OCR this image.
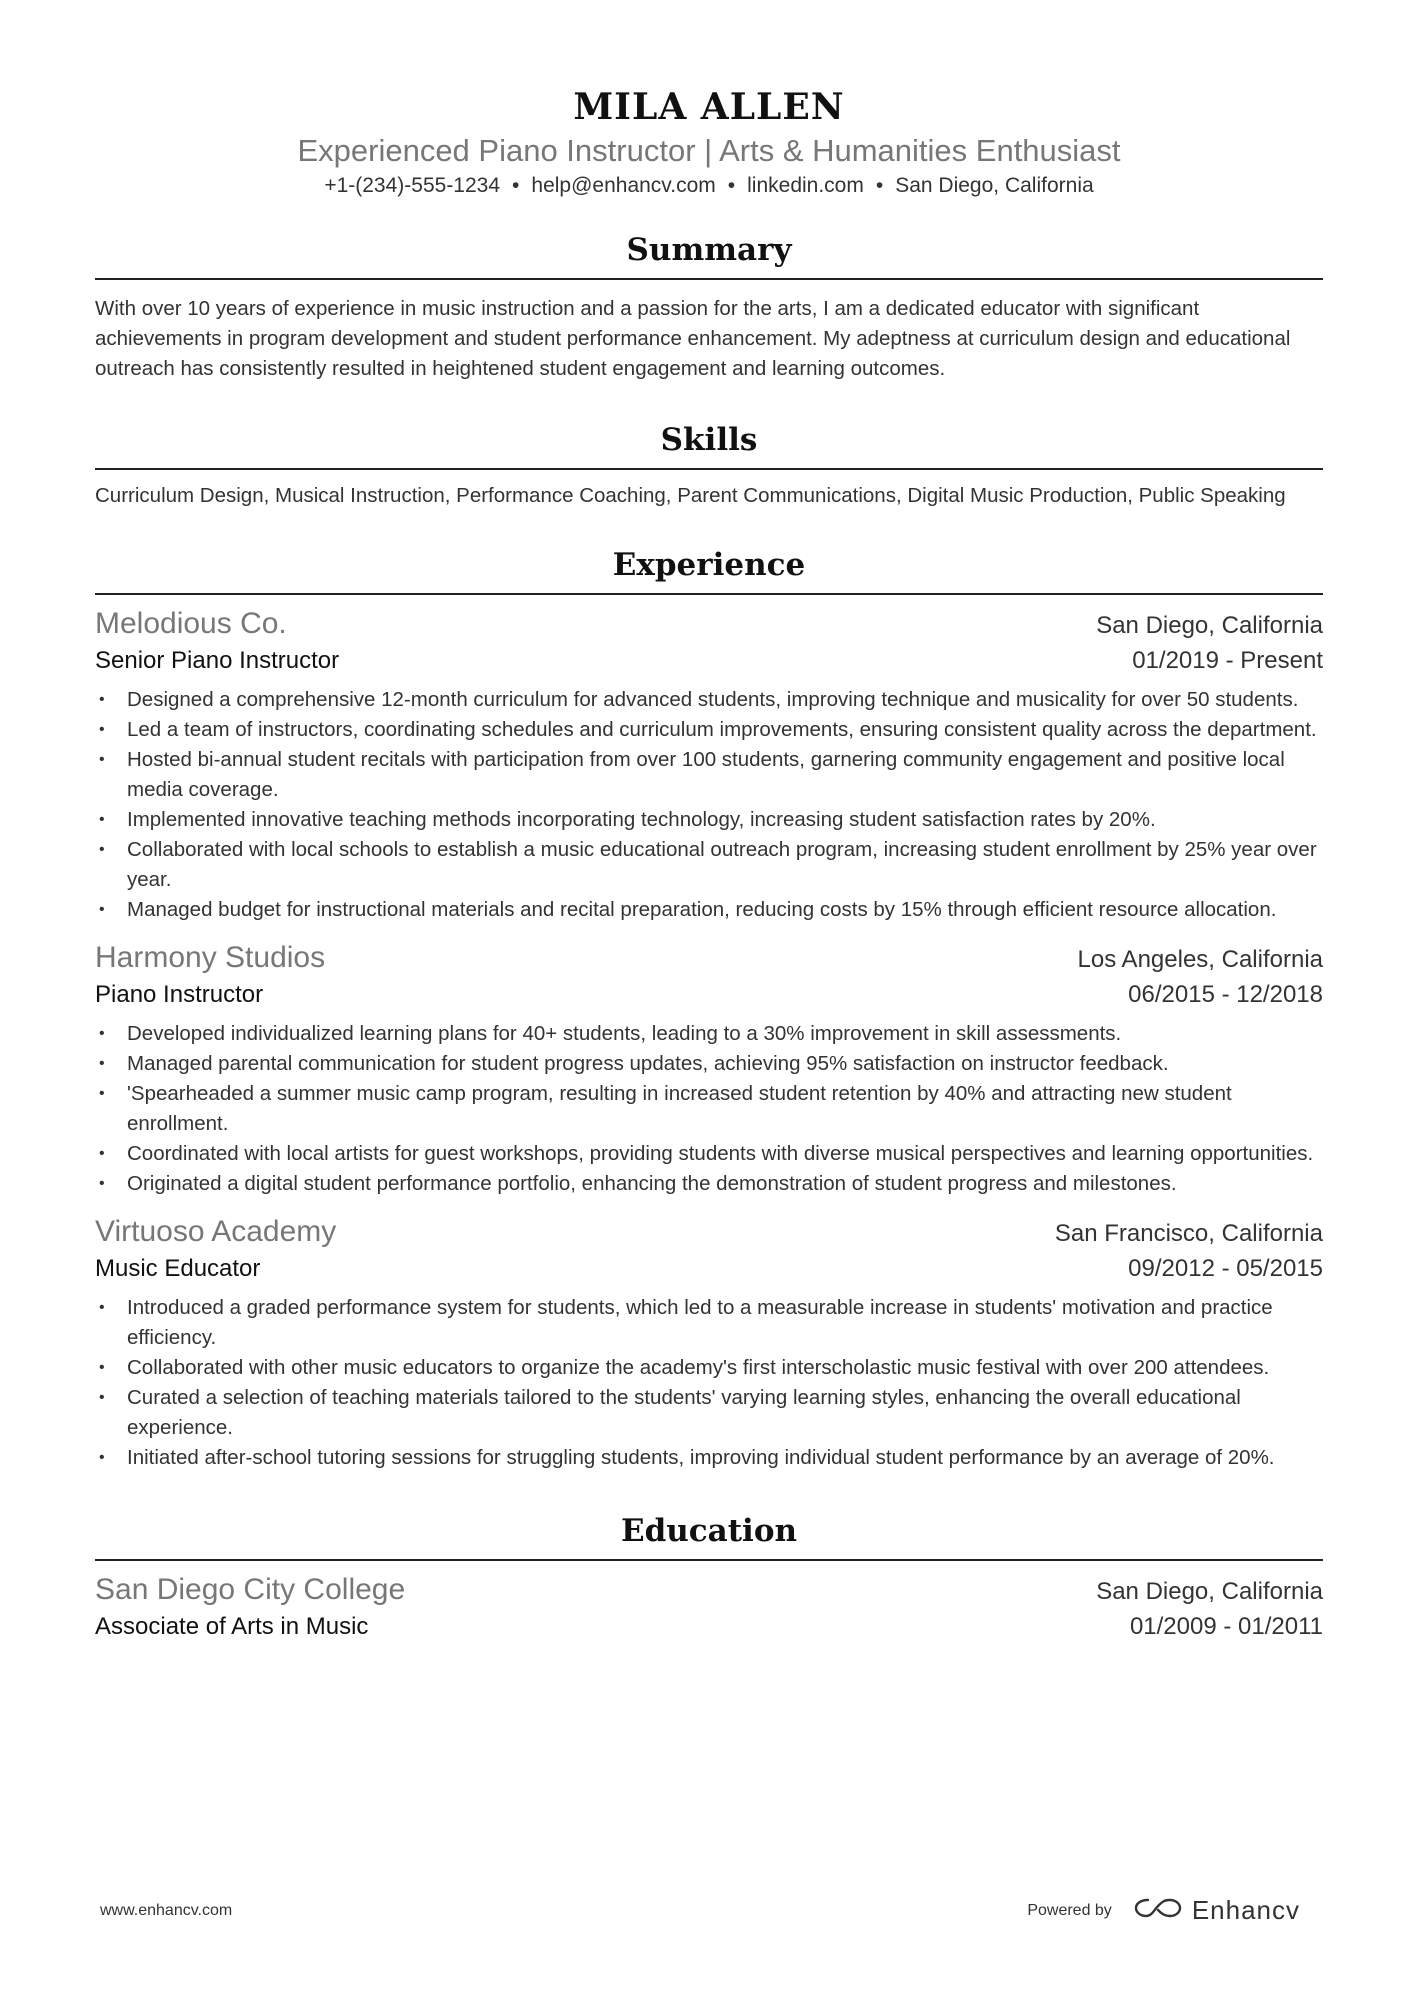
MILA ALLEN
Experienced Piano Instructor | Arts & Humanities Enthusiast
+1-(234)-555-1234 • help@enhancv.com • linkedin.com • San Diego, California
Summary
With over 10 years of experience in music instruction and a passion for the arts, I am a dedicated educator with significant achievements in program development and student performance enhancement. My adeptness at curriculum design and educational outreach has consistently resulted in heightened student engagement and learning outcomes.
Skills
Curriculum Design, Musical Instruction, Performance Coaching, Parent Communications, Digital Music Production, Public Speaking
Experience
Melodious Co.	San Diego, California
Senior Piano Instructor	01/2019 - Present
• Designed a comprehensive 12-month curriculum for advanced students, improving technique and musicality for over 50 students.
• Led a team of instructors, coordinating schedules and curriculum improvements, ensuring consistent quality across the department.
• Hosted bi-annual student recitals with participation from over 100 students, garnering community engagement and positive local media coverage.
• Implemented innovative teaching methods incorporating technology, increasing student satisfaction rates by 20%.
• Collaborated with local schools to establish a music educational outreach program, increasing student enrollment by 25% year over year.
• Managed budget for instructional materials and recital preparation, reducing costs by 15% through efficient resource allocation.
Harmony Studios	Los Angeles, California
Piano Instructor	06/2015 - 12/2018
• Developed individualized learning plans for 40+ students, leading to a 30% improvement in skill assessments.
• Managed parental communication for student progress updates, achieving 95% satisfaction on instructor feedback.
• 'Spearheaded a summer music camp program, resulting in increased student retention by 40% and attracting new student enrollment.
• Coordinated with local artists for guest workshops, providing students with diverse musical perspectives and learning opportunities.
• Originated a digital student performance portfolio, enhancing the demonstration of student progress and milestones.
Virtuoso Academy	San Francisco, California
Music Educator	09/2012 - 05/2015
• Introduced a graded performance system for students, which led to a measurable increase in students' motivation and practice efficiency.
• Collaborated with other music educators to organize the academy's first interscholastic music festival with over 200 attendees.
• Curated a selection of teaching materials tailored to the students' varying learning styles, enhancing the overall educational experience.
• Initiated after-school tutoring sessions for struggling students, improving individual student performance by an average of 20%.
Education
San Diego City College	San Diego, California
Associate of Arts in Music	01/2009 - 01/2011
www.enhancv.com	Powered by	Enhancv
